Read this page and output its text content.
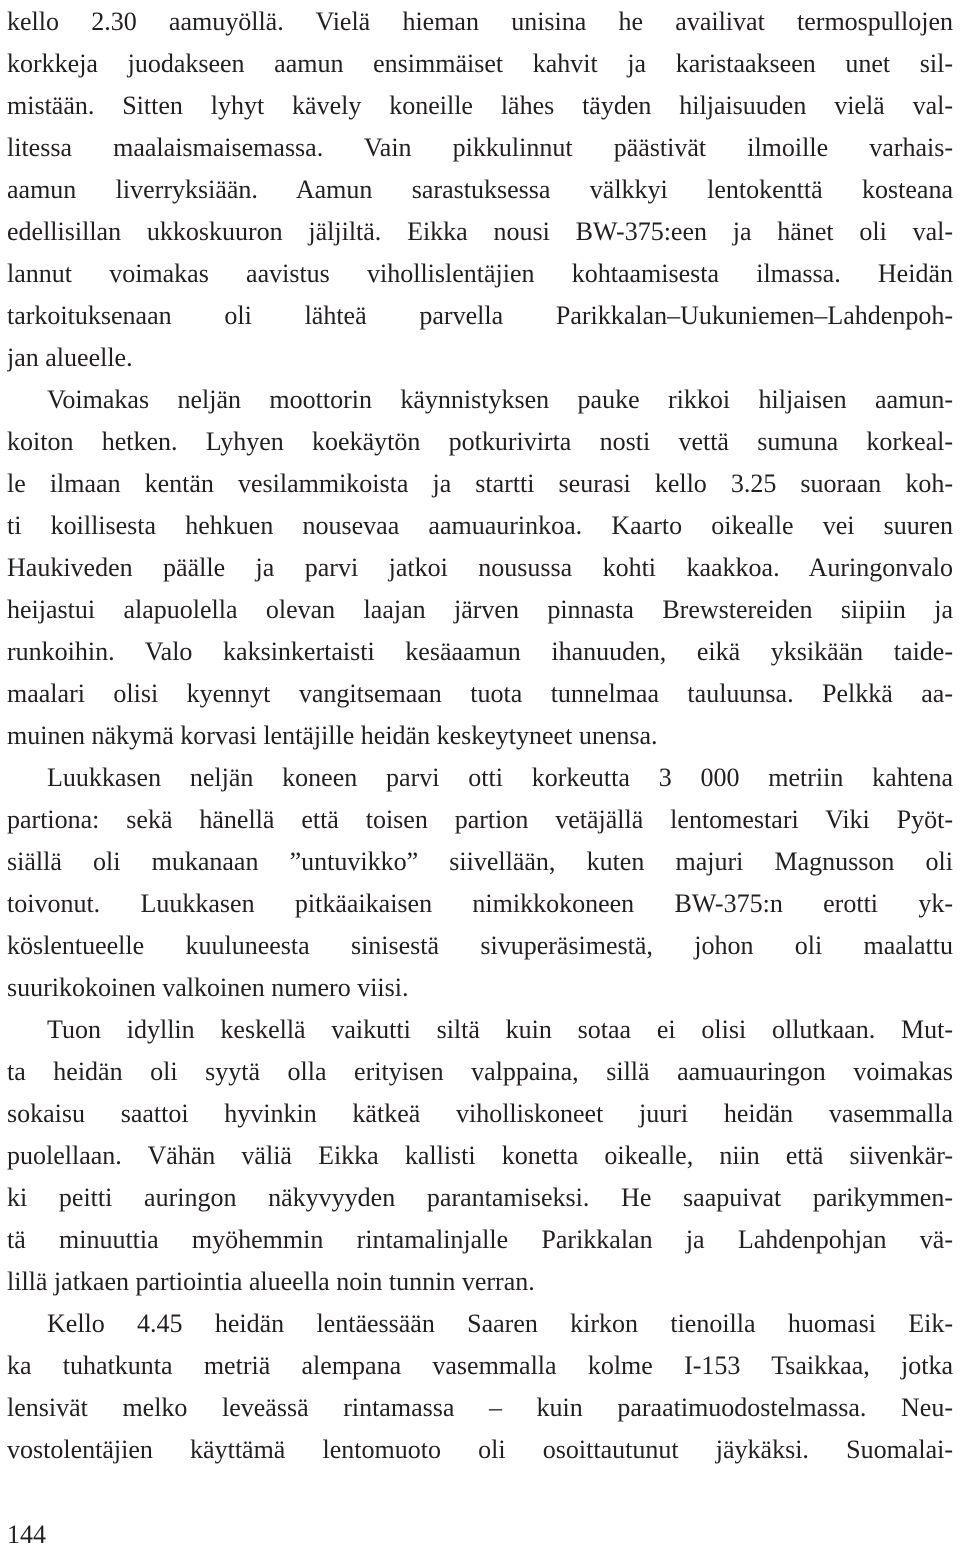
kello 2.30 aamuyöllä. Vielä hieman unisina he availivat termospullojen
korkkeja juodakseen aamun ensimmäiset kahvit ja karistaakseen unet sil-
mistään. Sitten lyhyt kävely koneille lähes täyden hiljaisuuden vielä val-
litessa maalaismaisemassa. Vain pikkulinnut päästivät ilmoille varhais-
aamun liverryksiään. Aamun sarastuksessa välkkyi lentokenttä kosteana
edellisillan ukkoskuuron jäljiltä. Eikka nousi BW-375:een ja hänet oli val-
lannut voimakas aavistus vihollislentäjien kohtaamisesta ilmassa. Heidän
tarkoituksenaan oli lähteä parvella Parikkalan–Uukuniemen–Lahdenpoh-
jan alueelle.
Voimakas neljän moottorin käynnistyksen pauke rikkoi hiljaisen aamun-
koiton hetken. Lyhyen koekäytön potkurivirta nosti vettä sumuna korkeal-
le ilmaan kentän vesilammikoista ja startti seurasi kello 3.25 suoraan koh-
ti koillisesta hehkuen nousevaa aamuaurinkoa. Kaarto oikealle vei suuren
Haukiveden päälle ja parvi jatkoi nousussa kohti kaakkoa. Auringonvalo
heijastui alapuolella olevan laajan järven pinnasta Brewstereiden siipiin ja
runkoihin. Valo kaksinkertaisti kesäaamun ihanuuden, eikä yksikään taide-
maalari olisi kyennyt vangitsemaan tuota tunnelmaa tauluunsa. Pelkkä aa-
muinen näkymä korvasi lentäjille heidän keskeytyneet unensa.
Luukkasen neljän koneen parvi otti korkeutta 3 000 metriin kahtena
partiona: sekä hänellä että toisen partion vetäjällä lentomestari Viki Pyöt-
siällä oli mukanaan ”untuvikko” siivellään, kuten majuri Magnusson oli
toivonut. Luukkasen pitkäaikaisen nimikkokoneen BW-375:n erotti yk-
köslentueelle kuuluneesta sinisestä sivuperäsimestä, johon oli maalattu
suurikokoinen valkoinen numero viisi.
Tuon idyllin keskellä vaikutti siltä kuin sotaa ei olisi ollutkaan. Mut-
ta heidän oli syytä olla erityisen valppaina, sillä aamuauringon voimakas
sokaisu saattoi hyvinkin kätkeä viholliskoneet juuri heidän vasemmalla
puolellaan. Vähän väliä Eikka kallisti konetta oikealle, niin että siivenkär-
ki peitti auringon näkyvyyden parantamiseksi. He saapuivat parikymmen-
tä minuuttia myöhemmin rintamalinjalle Parikkalan ja Lahdenpohjan vä-
lillä jatkaen partiointia alueella noin tunnin verran.
Kello 4.45 heidän lentäessään Saaren kirkon tienoilla huomasi Eik-
ka tuhatkunta metriä alempana vasemmalla kolme I-153 Tsaikkaa, jotka
lensivät melko leveässä rintamassa – kuin paraatimuodostelmassa. Neu-
vostolentäjien käyttämä lentomuoto oli osoittautunut jäykäksi. Suomalai-
144
